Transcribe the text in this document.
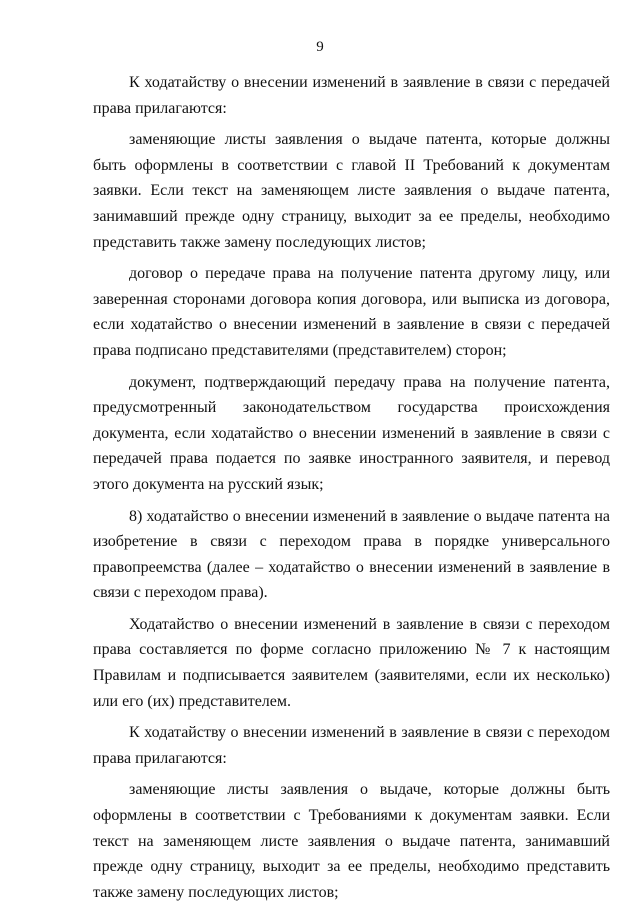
9

К ходатайству о внесении изменений в заявление в связи с передачей права прилагаются:

заменяющие листы заявления о выдаче патента, которые должны быть оформлены в соответствии с главой II Требований к документам заявки. Если текст на заменяющем листе заявления о выдаче патента, занимавший прежде одну страницу, выходит за ее пределы, необходимо представить также замену последующих листов;

договор о передаче права на получение патента другому лицу, или заверенная сторонами договора копия договора, или выписка из договора, если ходатайство о внесении изменений в заявление в связи с передачей права подписано представителями (представителем) сторон;

документ, подтверждающий передачу права на получение патента, предусмотренный законодательством государства происхождения документа, если ходатайство о внесении изменений в заявление в связи с передачей права подается по заявке иностранного заявителя, и перевод этого документа на русский язык;

8) ходатайство о внесении изменений в заявление о выдаче патента на изобретение в связи с переходом права в порядке универсального правопреемства (далее – ходатайство о внесении изменений в заявление в связи с переходом права).

Ходатайство о внесении изменений в заявление в связи с переходом права составляется по форме согласно приложению № 7 к настоящим Правилам и подписывается заявителем (заявителями, если их несколько) или его (их) представителем.

К ходатайству о внесении изменений в заявление в связи с переходом права прилагаются:

заменяющие листы заявления о выдаче, которые должны быть оформлены в соответствии с Требованиями к документам заявки. Если текст на заменяющем листе заявления о выдаче патента, занимавший прежде одну страницу, выходит за ее пределы, необходимо представить также замену последующих листов;
